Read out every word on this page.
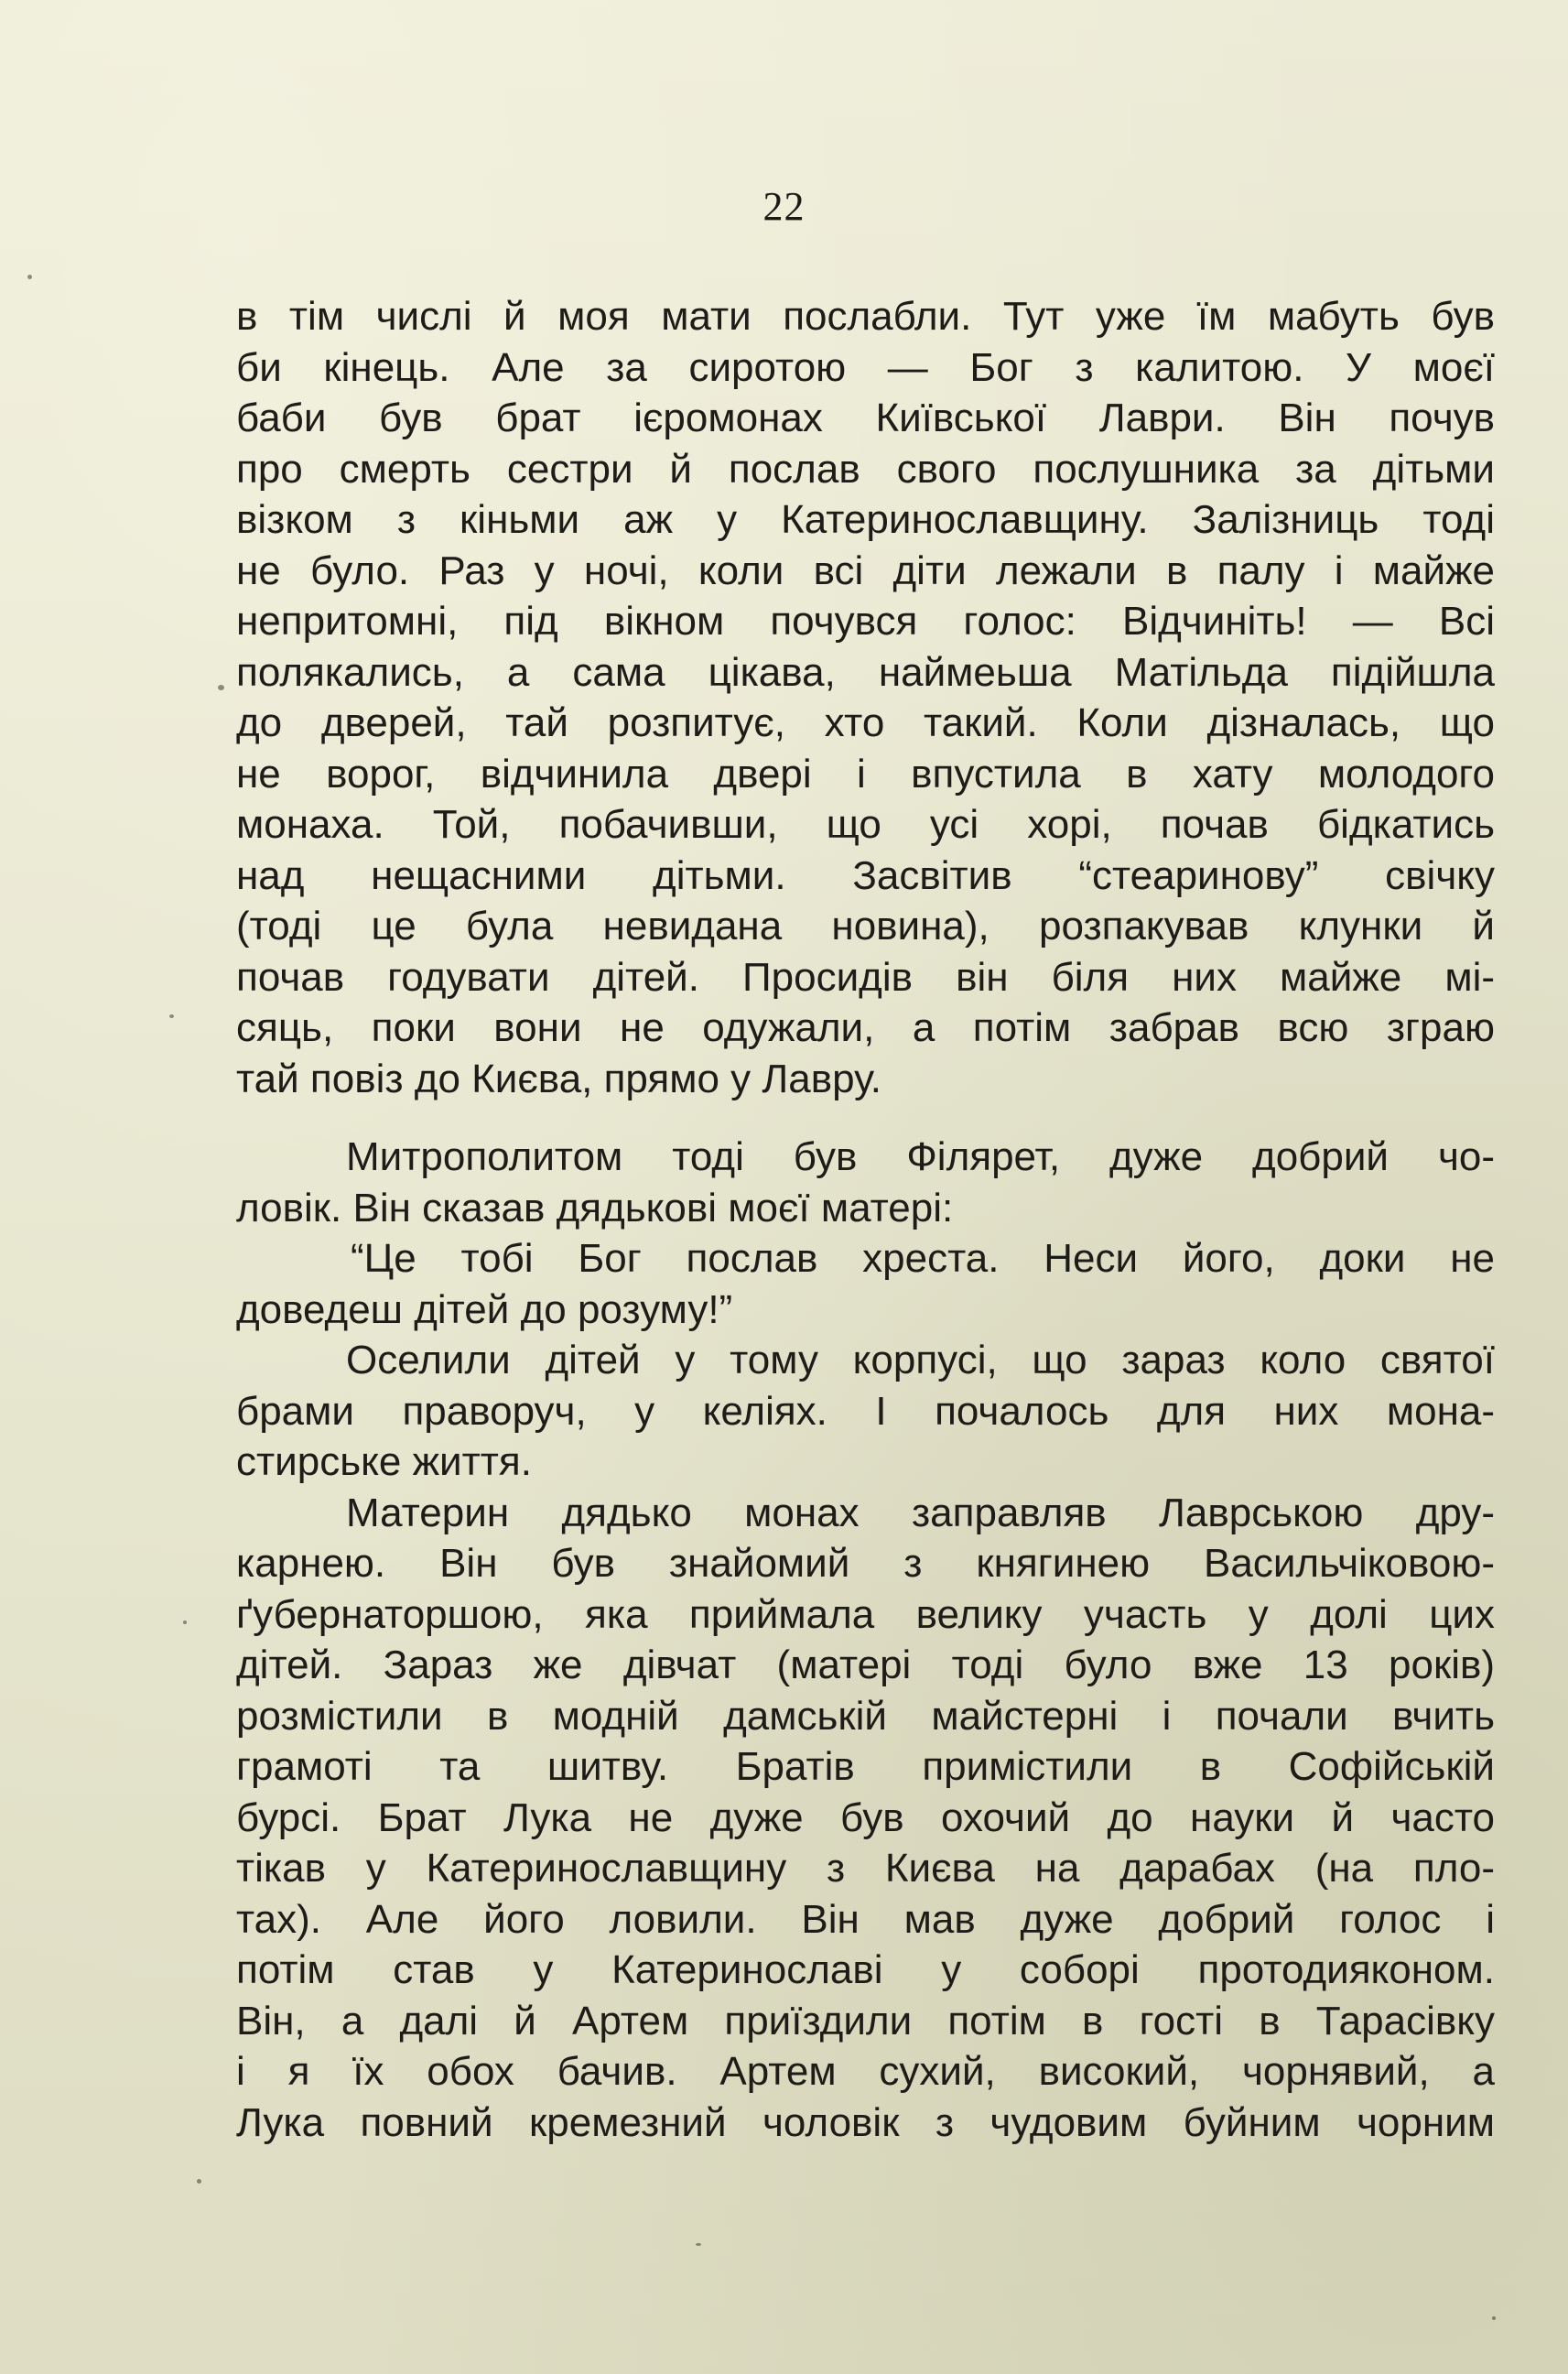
22
в тім числі й моя мати послабли. Тут уже їм мабуть був
би кінець. Але за сиротою — Бог з калитою. У моєї
баби був брат ієромонах Київської Лаври. Він почув
про смерть сестри й послав свого послушника за дітьми
візком з кіньми аж у Катеринославщину. Залізниць тоді
не було. Раз у ночі, коли всі діти лежали в палу і майже
непритомні, під вікном почувся голос: Відчиніть! — Всі
полякались, а сама цікава, наймеьша Матільда підійшла
до дверей, тай розпитує, хто такий. Коли дізналась, що
не ворог, відчинила двері і впустила в хату молодого
монаха. Той, побачивши, що усі хорі, почав бідкатись
над нещасними дітьми. Засвітив “стеаринову” свічку
(тоді це була невидана новина), розпакував клунки й
почав годувати дітей. Просидів він біля них майже мі-
сяць, поки вони не одужали, а потім забрав всю зграю
тай повіз до Києва, прямо у Лавру.
Митрополитом тоді був Філярет, дуже добрий чо-
ловік. Він сказав дядькові моєї матері:
“Це тобі Бог послав хреста. Неси його, доки не
доведеш дітей до розуму!”
Оселили дітей у тому корпусі, що зараз коло святої
брами праворуч, у келіях. І почалось для них мона-
стирське життя.
Материн дядько монах заправляв Лаврською дру-
карнею. Він був знайомий з княгинею Васильчіковою-
ґубернаторшою, яка приймала велику участь у долі цих
дітей. Зараз же дівчат (матері тоді було вже 13 років)
розмістили в модній дамській майстерні і почали вчить
грамоті та шитву. Братів примістили в Софійській
бурсі. Брат Лука не дуже був охочий до науки й часто
тікав у Катеринославщину з Києва на дарабах (на пло-
тах). Але його ловили. Він мав дуже добрий голос і
потім став у Катеринославі у соборі протодияконом.
Він, а далі й Артем приїздили потім в гості в Тарасівку
і я їх обох бачив. Артем сухий, високий, чорнявий, а
Лука повний кремезний чоловік з чудовим буйним чорним
